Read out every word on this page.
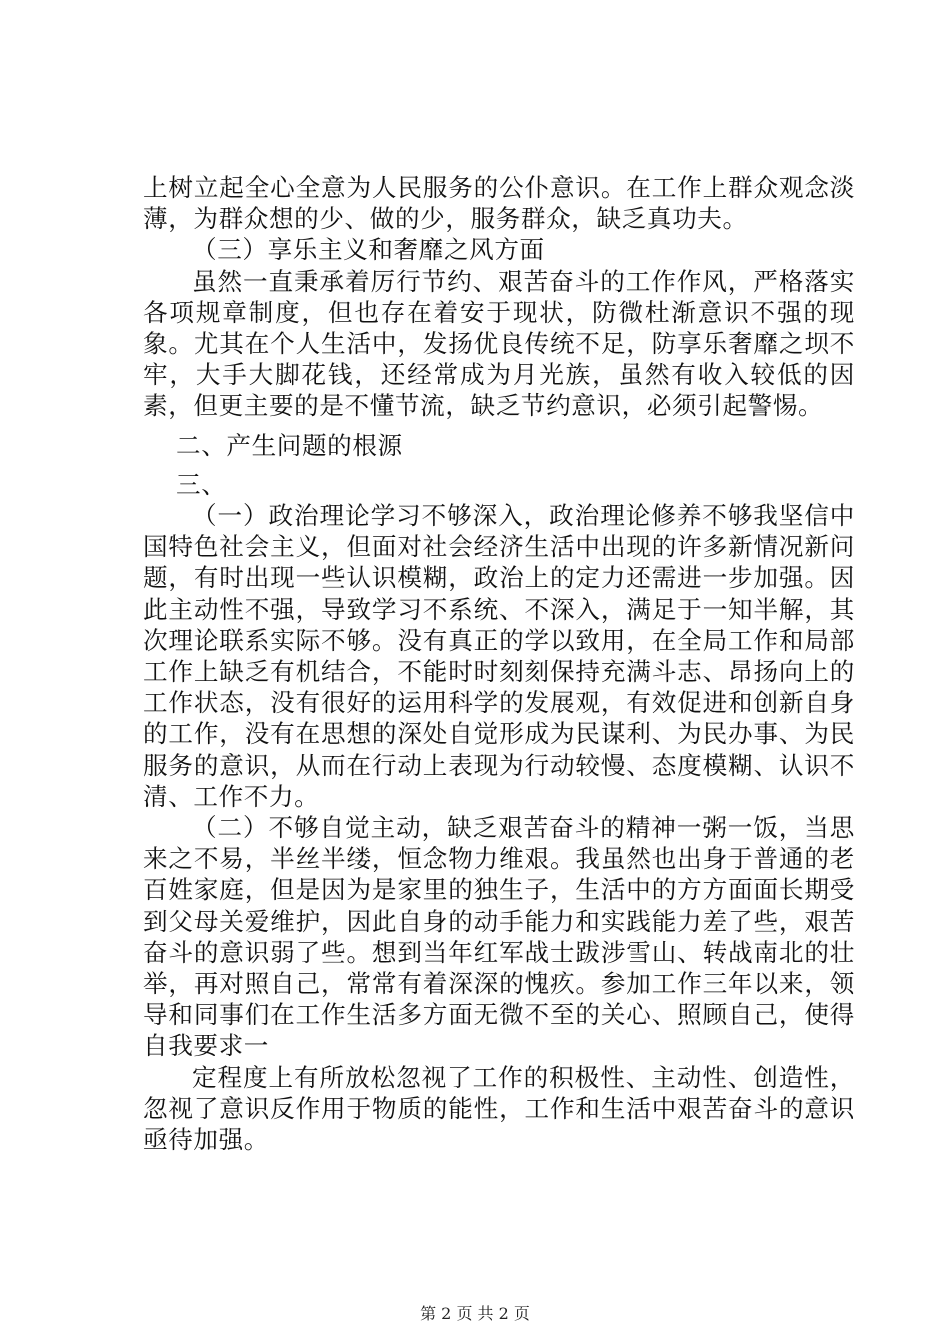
上树立起全心全意为人民服务的公仆意识。在工作上群众观念淡薄，为群众想的少、做的少，服务群众，缺乏真功夫。

（三）享乐主义和奢靡之风方面

虽然一直秉承着厉行节约、艰苦奋斗的工作作风，严格落实各项规章制度，但也存在着安于现状，防微杜渐意识不强的现象。尤其在个人生活中，发扬优良传统不足，防享乐奢靡之坝不牢，大手大脚花钱，还经常成为月光族，虽然有收入较低的因素，但更主要的是不懂节流，缺乏节约意识，必须引起警惕。

二、产生问题的根源

三、

（一）政治理论学习不够深入，政治理论修养不够我坚信中国特色社会主义，但面对社会经济生活中出现的许多新情况新问题，有时出现一些认识模糊，政治上的定力还需进一步加强。因此主动性不强，导致学习不系统、不深入，满足于一知半解，其次理论联系实际不够。没有真正的学以致用，在全局工作和局部工作上缺乏有机结合，不能时时刻刻保持充满斗志、昂扬向上的工作状态，没有很好的运用科学的发展观，有效促进和创新自身的工作，没有在思想的深处自觉形成为民谋利、为民办事、为民服务的意识，从而在行动上表现为行动较慢、态度模糊、认识不清、工作不力。

（二）不够自觉主动，缺乏艰苦奋斗的精神一粥一饭，当思来之不易，半丝半缕，恒念物力维艰。我虽然也出身于普通的老百姓家庭，但是因为是家里的独生子，生活中的方方面面长期受到父母关爱维护，因此自身的动手能力和实践能力差了些，艰苦奋斗的意识弱了些。想到当年红军战士跋涉雪山、转战南北的壮举，再对照自己，常常有着深深的愧疚。参加工作三年以来，领导和同事们在工作生活多方面无微不至的关心、照顾自己，使得自我要求一

定程度上有所放松忽视了工作的积极性、主动性、创造性，忽视了意识反作用于物质的能性，工作和生活中艰苦奋斗的意识亟待加强。

第 2 页 共 2 页
